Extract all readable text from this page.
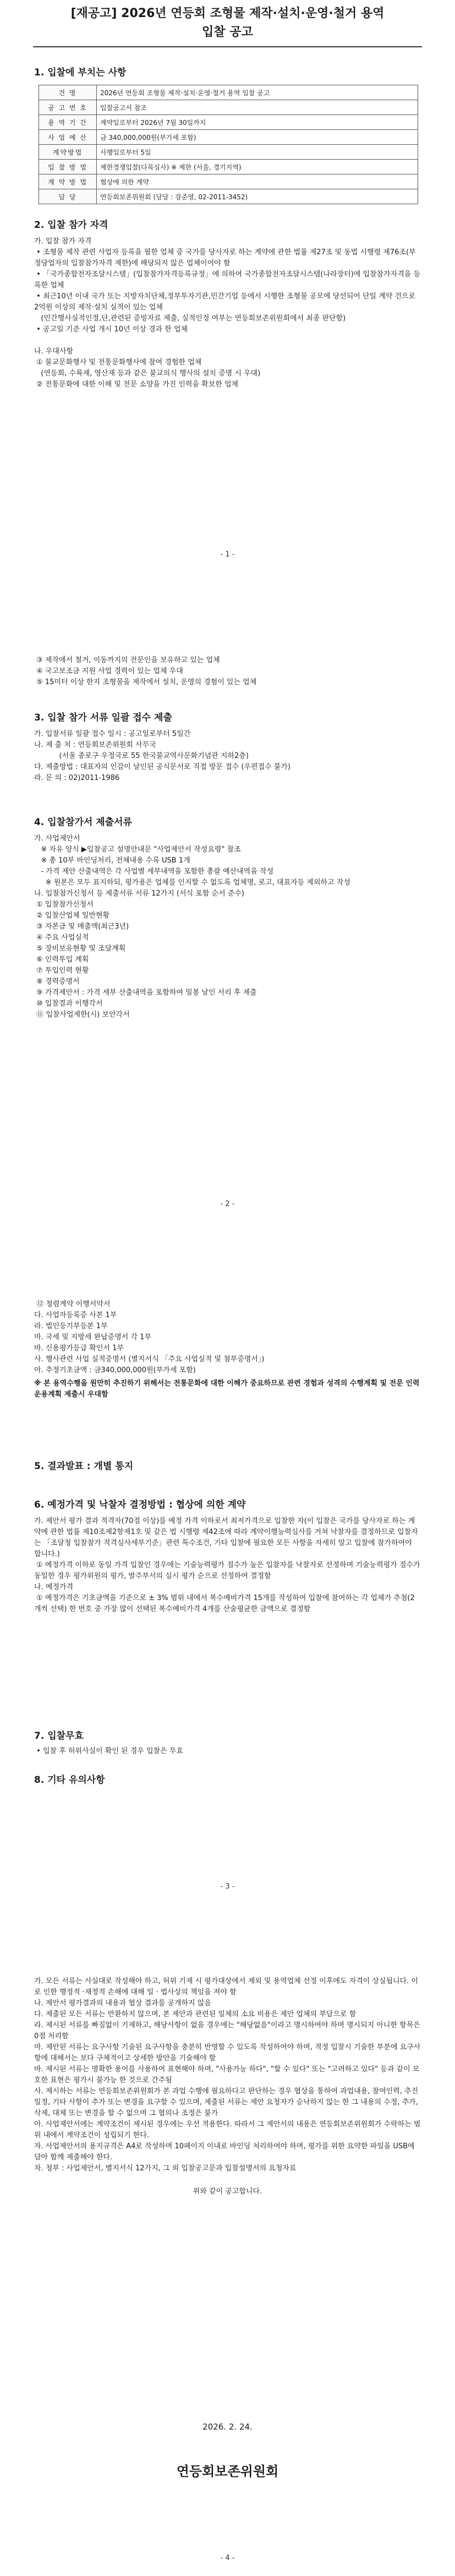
[재공고] 2026년 연등회 조형물 제작·설치·운영·철거 용역
입찰 공고
1. 입찰에 부치는 사항
건 명	2026년 연등회 조형물 제작·설치·운영·철거 용역 입찰 공고
공 고 번 호	입찰공고서 참조
용 역 기 간	계약일로부터 2026년 7월 30일까지
사 업 예 산	금 340,000,000원(부가세 포함)
계약방법	사행일로부터 5일
입 찰 방 법	제한경쟁입찰(다목심사) ※ 제한 (서울, 경기지역)
계 약 방 법	협상에 의한 계약
담 당	연등회보존위원회 (담당 : 강준영, 02-2011-3452)
2. 입찰 참가 자격
가. 입찰 참가 자격
• 조형물 제작 관련 사업자 등록을 필한 업체 중 국가를 당사자로 하는 계약에 관한 법률 제27조 및 동법 시행령 제76조(부정당업자의 입찰참가자격 제한)에 해당되지 않은 업체이어야 함
• 「국가종합전자조달시스템」(입찰참가자격등록규정」에 의하여 국가종합전자조달시스템(나라장터)에 입찰참가자격을 등록한 업체
• 최근10년 이내 국가 또는 지방자치단체,정부투자기관,민간기업 등에서 시행한 조형물 공모에 당선되어 단일 계약 건으로 2억원 이상의 제작·설치 실적이 있는 업체
(민간행사실적인정,단,관련된 증빙자료 제출, 실적인정 여부는 연등회보존위원회에서 최종 판단함)
• 공고일 기준 사업 개시 10년 이상 경과 한 업체

나. 우대사항
① 불교문화행사 및 전통문화행사에 참여 경험한 업체
(연등회, 수륙재, 영산재 등과 같은 불교의식 행사의 설치 증명 시 우대)
② 전통문화에 대한 이해 및 전문 소양을 가진 인력을 확보한 업체
- 1 -
③ 제작에서 철거, 이동까지의 전문인을 보유하고 있는 업체
④ 국고보조금 지원 사업 경력이 있는 업체 우대
⑤ 15미터 이상 한지 조형물을 제작에서 설치, 운영의 경험이 있는 업체
3. 입찰 참가 서류 일괄 접수 제출
가. 입찰서류 일괄 접수 일시 : 공고일로부터 5일간
나. 제 출 처 : 연등회보존위원회 사무국
(서울 종로구 우정국로 55 한국불교역사문화기념관 지하2층)
다. 제출방법 : 대표자의 인감이 날인된 공식문서로 직접 방문 접수 (우편접수 불가)
라. 문 의 : 02)2011-1986
4. 입찰참가서 제출서류
가. 사업제안서
※ 자유 양식 ▶입찰공고 설명안내문 "사업제안서 작성요령" 참조
※ 총 10부 바인딩처리, 전체내용 수록 USB 1개
- 가격 제안 산출내역은 각 사업별 세부내역을 포함한 총괄 예산내역을 작성
※ 원본은 모두 표지하되, 평가용은 업체를 인지할 수 없도록 업체명, 로고, 대표자등 제외하고 작성
나. 입찰참가신청서 등 제출서류 서류 12가지 (서식 포함 순서 준수)
① 입찰참가신청서
② 입찰산업체 일반현황
③ 자본금 및 매출액(최근3년)
④ 주요 사업실적
⑤ 장비보유현황 및 조달계획
⑥ 인력투입 계획
⑦ 투입인력 현황
⑧ 경력증명서
⑨ 가격제안서 : 가격 세부 산출내역을 포함하여 밀봉 날인 서리 후 제출
⑩ 입찰결과 이행각서
⑪ 입찰사업제한(시) 보안각서
- 2 -
⑫ 청렴계약 이행서약서
다. 사업자등록증 사본 1부
라. 법인등기부등본 1부
마. 국세 및 지방세 완납증명서 각 1부
바. 신용평가등급 확인서 1부
사. 행사관련 사업 실적증명서 (별지서식 「주요 사업실적 및 첨부증명서」)
아. 추정기초금액 : 금340,000,000원(부가세 포함)
※ 본 용역수행을 원만히 추진하기 위해서는 전통문화에 대한 이해가 중요하므로 관련 경험과 성격의 수행계획 및 전문 인력 운용계획 제출시 우대함
5. 결과발표 : 개별 통지
6. 예정가격 및 낙찰자 결정방법 : 협상에 의한 계약
가. 제안서 평가 결과 적격자(70점 이상)를 예정 가격 이하로서 최저가격으로 입찰한 자(이 입찰은 국가를 당사자로 하는 계약에 관한 법률 제10조제2항제1호 및 같은 법 시행령 제42조에 따라 계약이행능력심사를 거쳐 낙찰자를 결정하므로 입찰자는 「조달청 입찰참가 적격심사세부기준」관련 특수조건, 기타 입찰에 필요한 모든 사항을 자세히 알고 입찰에 참가하여야 합니다.)
① 예정가격 이하로 동일 가격 입찰인 경우에는 기술능력평가 점수가 높은 입찰자를 낙찰자로 선정하며 기술능력평가 점수가 동일한 경우 평가위원의 평가, 발주부서의 심시 평가 순으로 선정하여 결정함
나. 예정가격
① 예정가격은 기초금액을 기준으로 ± 3% 범위 내에서 복수예비가격 15개를 작성하여 입찰에 참여하는 각 업체가 추첨(2개씩 선택) 한 번호 중 가장 많이 선택된 복수예비가격 4개를 산술평균한 금액으로 결정함
7. 입찰무효
• 입찰 후 허위사실이 확인 된 경우 입찰은 무효
8. 기타 유의사항
- 3 -
가. 모든 서류는 사실대로 작성해야 하고, 허위 기재 시 평가대상에서 제외 및 용역업체 선정 이후에도 자격이 상실됩니다. 이로 인한 행정적 ·재정적 손해에 대해 일 · 법사상의 책임을 져야 함
나. 제안서 평가결과의 내용과 협상 결과를 공개하지 않음
다. 제출된 모든 서류는 반환하지 않으며, 본 제안과 관련된 일체의 소요 비용은 제안 업체의 부담으로 함
라. 제시된 서류를 빠짐없이 기재하고, 해당사항이 없을 경우에는 "해당없음"이라고 명시하여야 하며 명시되지 아니한 항목은 0점 처리함
마. 제안된 서류는 요구사항 기술된 요구사항을 충분히 반영할 수 있도록 작성하여야 하며, 적정 입찰시 기술한 부분에 요구사항에 대해서는 보다 구체적이고 상세한 방안을 기술해야 함
바. 제시된 서류는 명확한 용어를 사용하여 표현해야 하며, "사용가능 하다", "할 수 있다" 또는 "고려하고 있다" 등과 같이 모호한 표현은 평가시 불가능 한 것으로 간주됨
사. 제시하는 서류는 연등회보존위원회가 본 과업 수행에 필요하다고 판단하는 경우 협상을 통하여 과업내용, 참여인력, 추진일정, 기타 사항이 추가 또는 변경을 요구할 수 있으며, 제출된 서류는 제안 요청자가 승낙하지 않는 한 그 내용의 수정, 추가, 삭제, 대체 또는 변경을 할 수 없으며 그 협의나 조정은 불가
아. 사업제안서에는 계약조건이 제시된 경우에는 우선 적용한다. 따라서 그 제안서의 내용은 연등회보존위원회가 수락하는 범위 내에서 계약조건이 성립되기 한다.
자. 사업제안서의 용지규격은 A4로 작성하며 10페이지 이내로 바인딩 처리하여야 하며, 평가를 위한 요약한 파일을 USB에 담아 함께 제출해야 한다.
차. 청부 : 사업제안서, 별지서식 12가지, 그 외 입찰공고문과 입찰설명서의 요청자료
위와 같이 공고합니다.
2026. 2. 24.
연등회보존위원회
- 4 -
